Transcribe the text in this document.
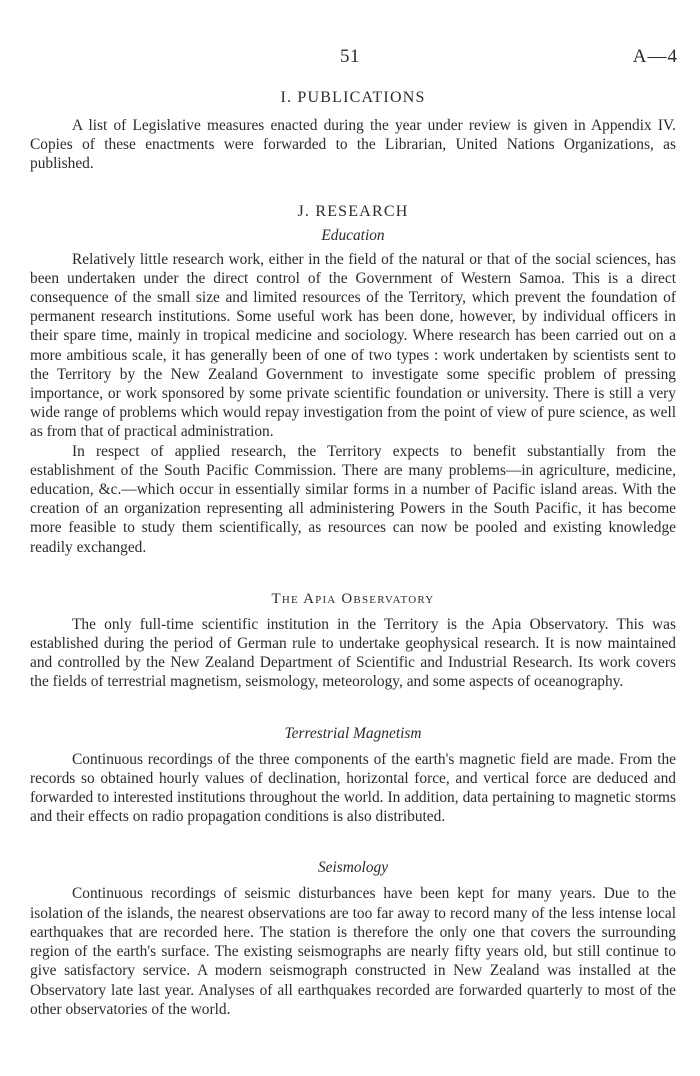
51	A—4
I. PUBLICATIONS

A list of Legislative measures enacted during the year under review is given in Appendix IV. Copies of these enactments were forwarded to the Librarian, United Nations Organizations, as published.

J. RESEARCH
Education

Relatively little research work, either in the field of the natural or that of the social sciences, has been undertaken under the direct control of the Government of Western Samoa. This is a direct consequence of the small size and limited resources of the Territory, which prevent the foundation of permanent research institutions. Some useful work has been done, however, by individual officers in their spare time, mainly in tropical medicine and sociology. Where research has been carried out on a more ambitious scale, it has generally been of one of two types : work undertaken by scientists sent to the Territory by the New Zealand Government to investigate some specific problem of pressing importance, or work sponsored by some private scientific foundation or university. There is still a very wide range of problems which would repay investigation from the point of view of pure science, as well as from that of practical administration.

In respect of applied research, the Territory expects to benefit substantially from the establishment of the South Pacific Commission. There are many problems—in agriculture, medicine, education, &c.—which occur in essentially similar forms in a number of Pacific island areas. With the creation of an organization representing all administering Powers in the South Pacific, it has become more feasible to study them scientifically, as resources can now be pooled and existing knowledge readily exchanged.

The Apia Observatory

The only full-time scientific institution in the Territory is the Apia Observatory. This was established during the period of German rule to undertake geophysical research. It is now maintained and controlled by the New Zealand Department of Scientific and Industrial Research. Its work covers the fields of terrestrial magnetism, seismology, meteorology, and some aspects of oceanography.

Terrestrial Magnetism

Continuous recordings of the three components of the earth's magnetic field are made. From the records so obtained hourly values of declination, horizontal force, and vertical force are deduced and forwarded to interested institutions throughout the world. In addition, data pertaining to magnetic storms and their effects on radio propagation conditions is also distributed.

Seismology

Continuous recordings of seismic disturbances have been kept for many years. Due to the isolation of the islands, the nearest observations are too far away to record many of the less intense local earthquakes that are recorded here. The station is therefore the only one that covers the surrounding region of the earth's surface. The existing seismographs are nearly fifty years old, but still continue to give satisfactory service. A modern seismograph constructed in New Zealand was installed at the Observatory late last year. Analyses of all earthquakes recorded are forwarded quarterly to most of the other observatories of the world.
